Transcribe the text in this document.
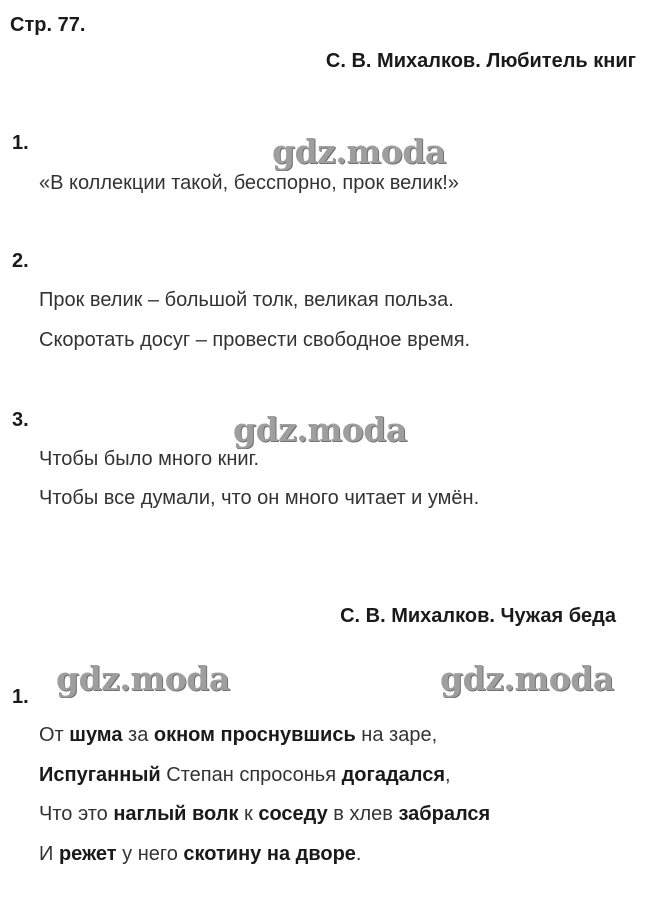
Стр. 77.
С. В. Михалков. Любитель книг
1.	gdz.moda
«В коллекции такой, бесспорно, прок велик!»
2.
Прок велик – большой толк, великая польза.
Скоротать досуг – провести свободное время.
3.	gdz.moda
Чтобы было много книг.
Чтобы все думали, что он много читает и умён.
С. В. Михалков. Чужая беда
gdz.moda	gdz.moda
1.
От шума за окном проснувшись на заре,
Испуганный Степан спросонья догадался,
Что это наглый волк к соседу в хлев забрался
И режет у него скотину на дворе.
